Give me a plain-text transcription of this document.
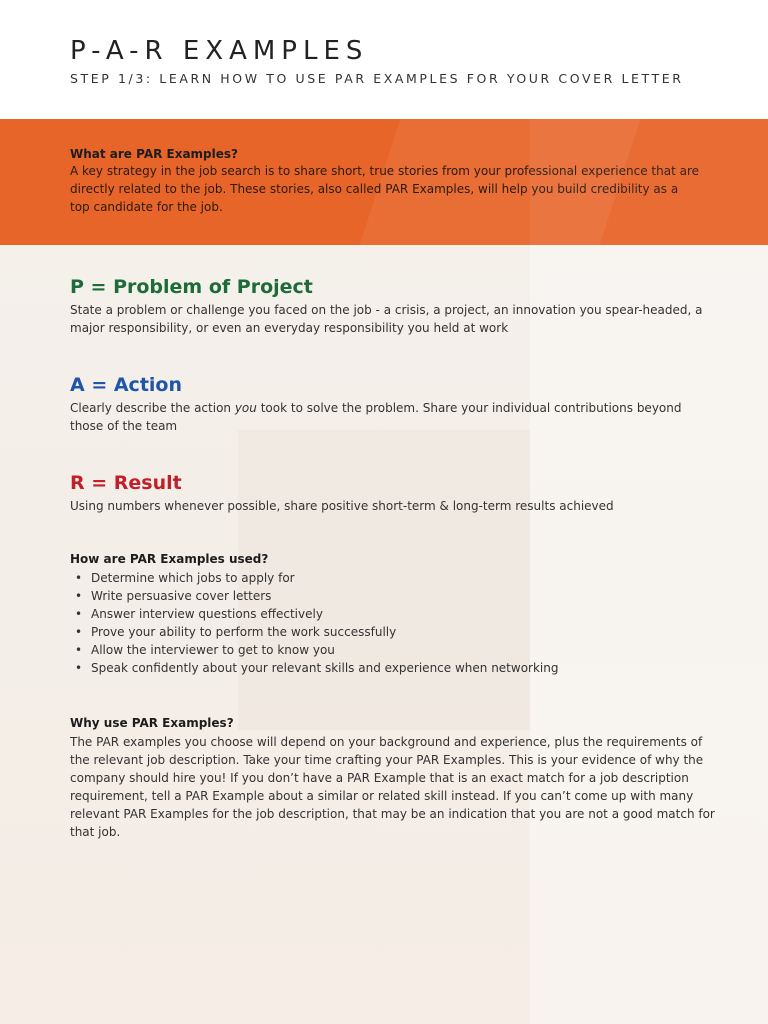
P-A-R EXAMPLES
STEP 1/3: LEARN HOW TO USE PAR EXAMPLES FOR YOUR COVER LETTER
What are PAR Examples?

A key strategy in the job search is to share short, true stories from your professional experience that are directly related to the job. These stories, also called PAR Examples, will help you build credibility as a top candidate for the job.

P = Problem of Project

State a problem or challenge you faced on the job - a crisis, a project, an innovation you spear-headed, a major responsibility, or even an everyday responsibility you held at work

A = Action

Clearly describe the action you took to solve the problem. Share your individual contributions beyond those of the team

R = Result

Using numbers whenever possible, share positive short-term & long-term results achieved

How are PAR Examples used?
• Determine which jobs to apply for
• Write persuasive cover letters
• Answer interview questions effectively
• Prove your ability to perform the work successfully
• Allow the interviewer to get to know you
• Speak confidently about your relevant skills and experience when networking
Why use PAR Examples?

The PAR examples you choose will depend on your background and experience, plus the requirements of the relevant job description. Take your time crafting your PAR Examples. This is your evidence of why the company should hire you! If you don’t have a PAR Example that is an exact match for a job description requirement, tell a PAR Example about a similar or related skill instead. If you can’t come up with many relevant PAR Examples for the job description, that may be an indication that you are not a good match for that job.
